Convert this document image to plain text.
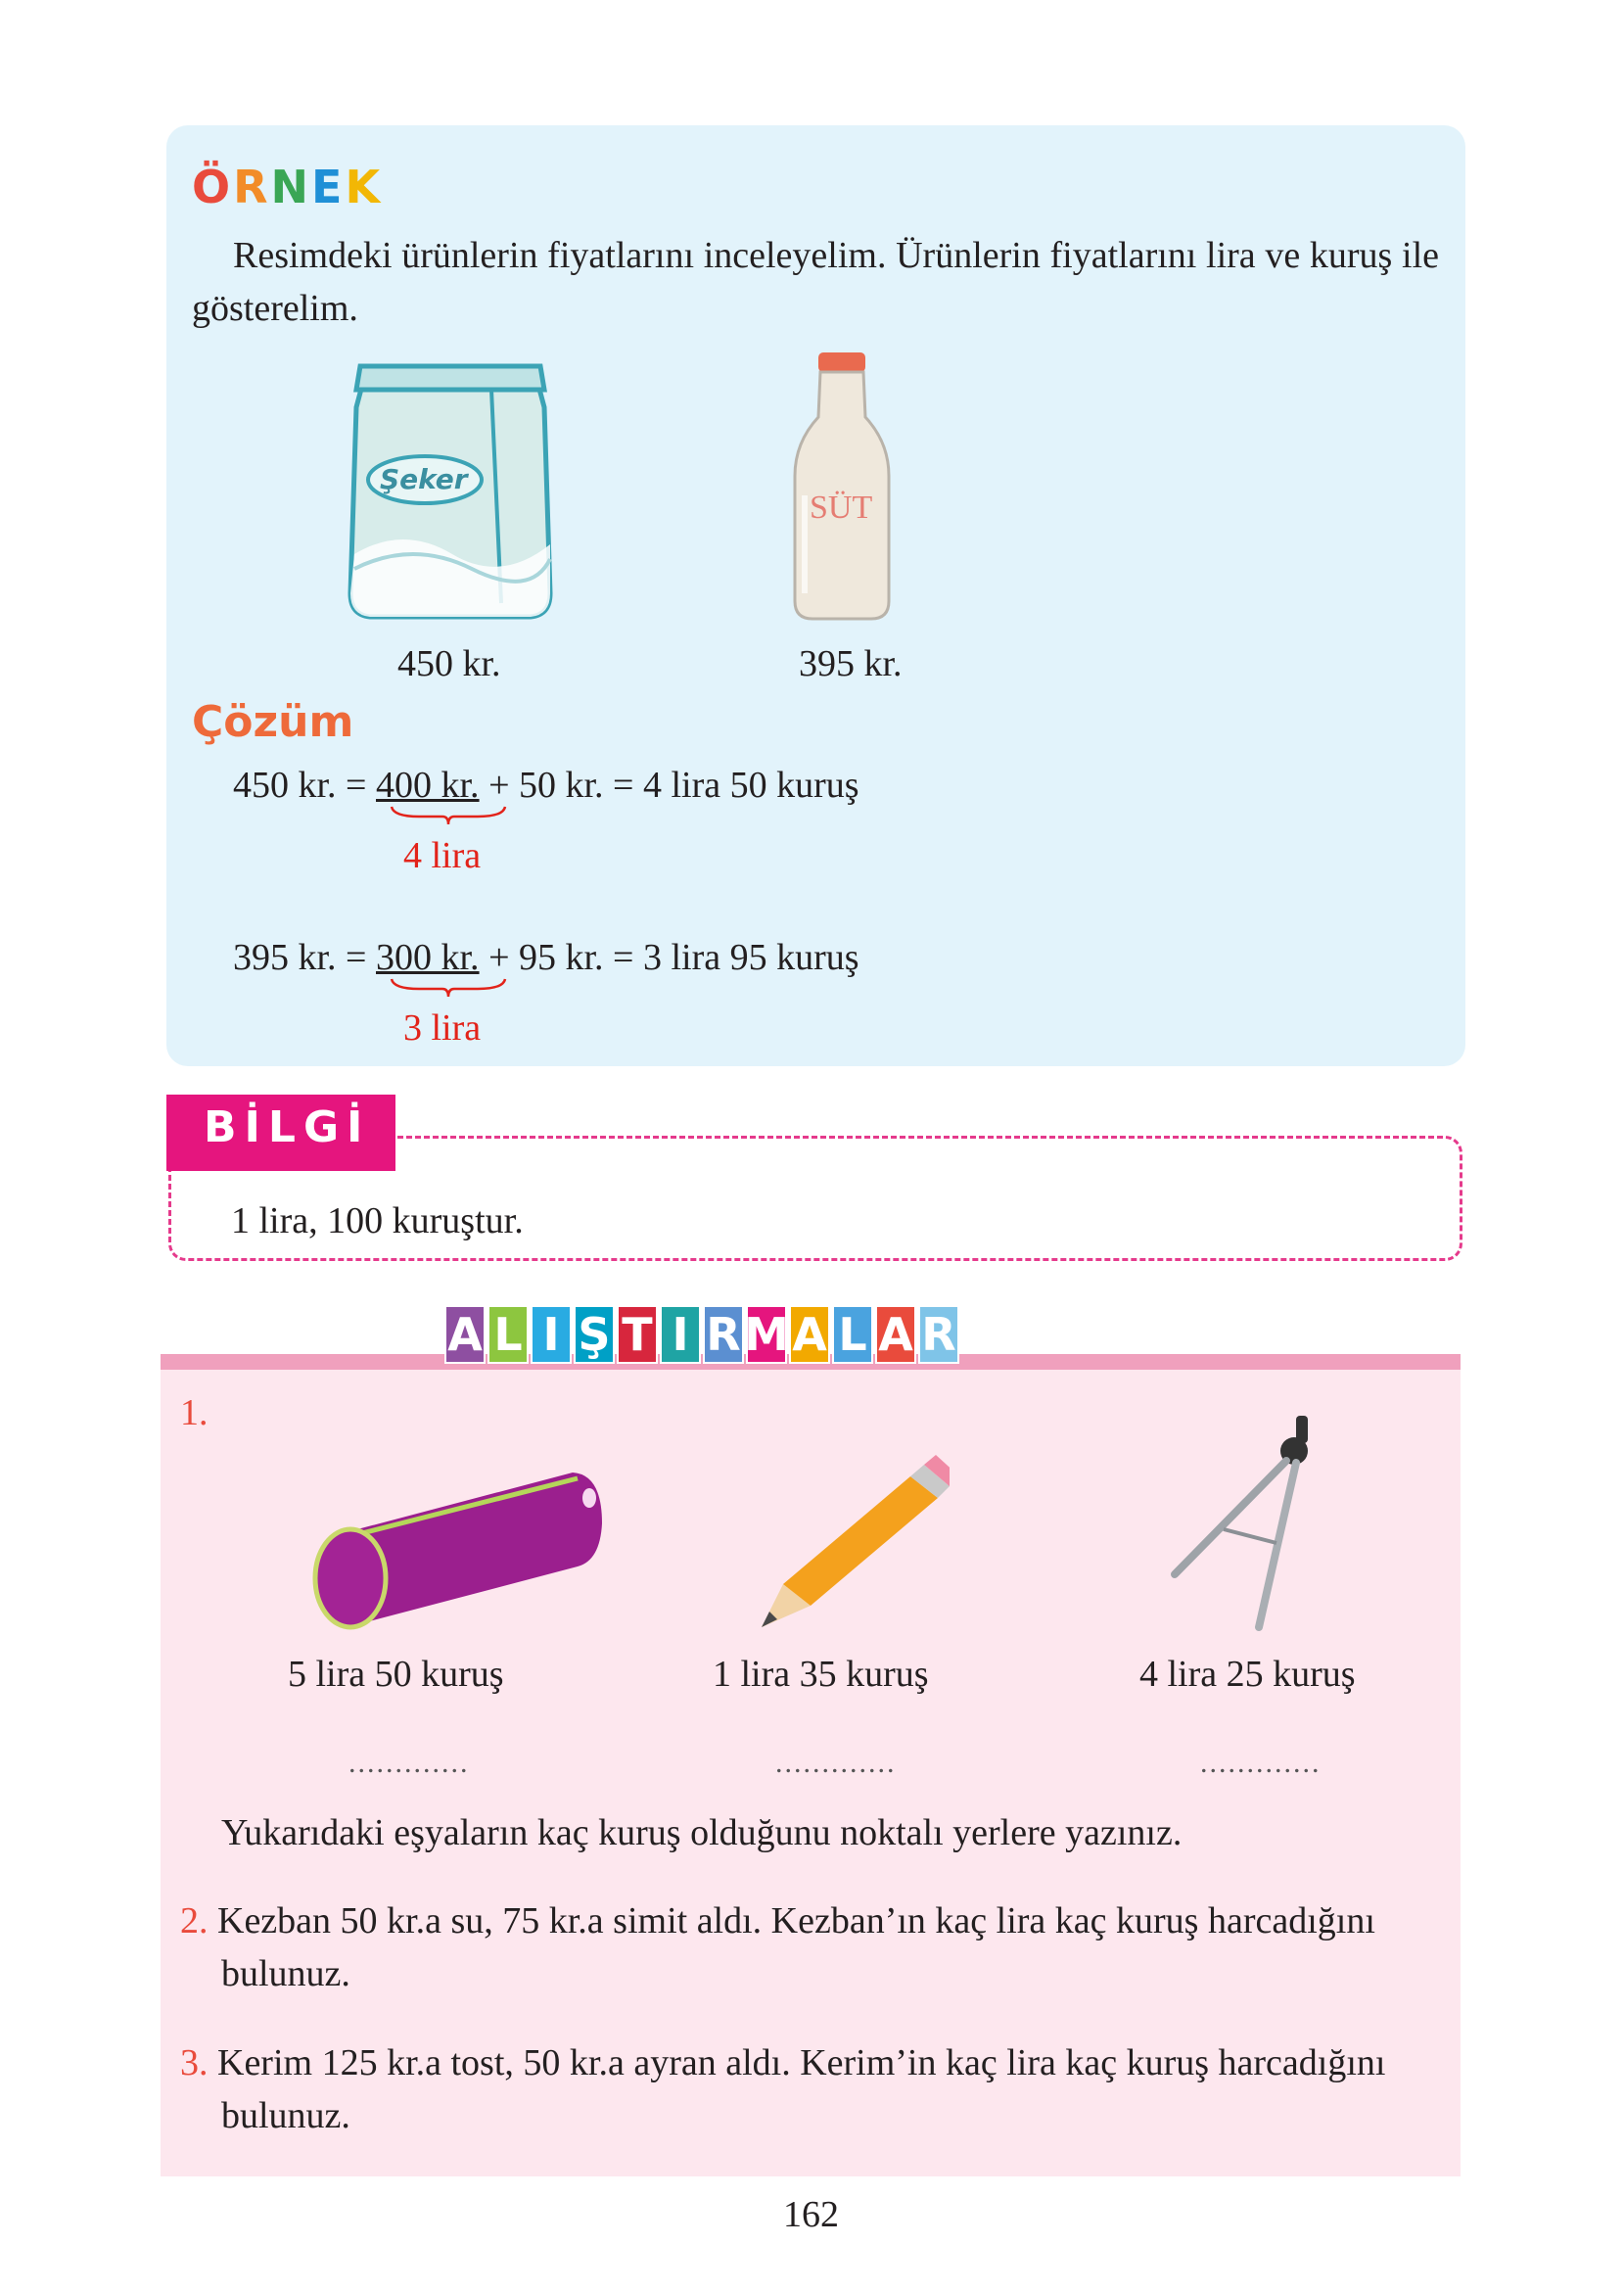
ÖRNEK
Resimdeki ürünlerin fiyatlarını inceleyelim. Ürünlerin fiyatlarını lira ve kuruş ile gösterelim.
Şeker
SÜT
450 kr.	395 kr.
Çözüm
450 kr. = 400 kr. + 50 kr. = 4 lira 50 kuruş
4 lira
395 kr. = 300 kr. + 95 kr. = 3 lira 95 kuruş
3 lira
BİLGİ
1 lira, 100 kuruştur.
A L I Ş T I R M A L A R
1.
5 lira 50 kuruş	1 lira 35 kuruş	4 lira 25 kuruş
.............	.............	.............
Yukarıdaki eşyaların kaç kuruş olduğunu noktalı yerlere yazınız.
2. Kezban 50 kr.a su, 75 kr.a simit aldı. Kezban’ın kaç lira kaç kuruş harcadığını bulunuz.
3. Kerim 125 kr.a tost, 50 kr.a ayran aldı. Kerim’in kaç lira kaç kuruş harcadığını bulunuz.
162
